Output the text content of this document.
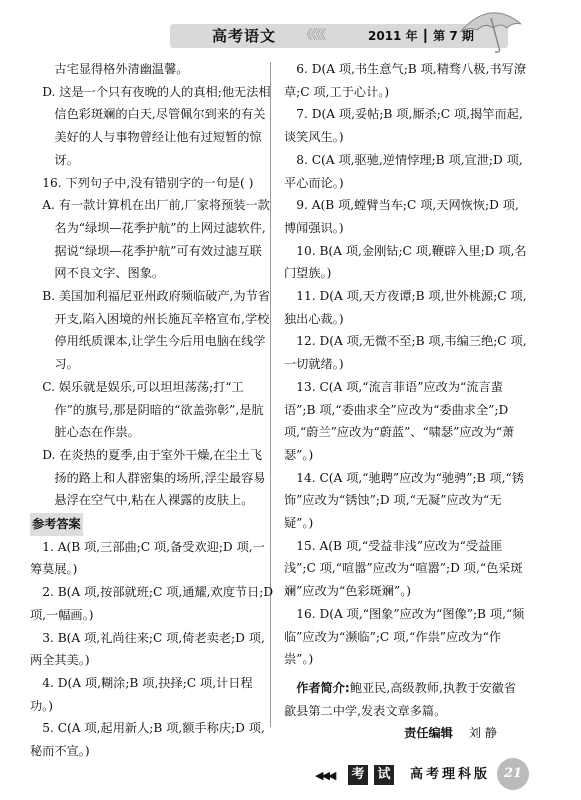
高考语文 《《《《	2011 年 ┃ 第 7 期

古宅显得格外清幽温馨。

D. 这是一个只有夜晚的人的真相;他无法相信色彩斑斓的白天,尽管佩尔到来的有关美好的人与事物曾经让他有过短暂的惊讶。

16. 下列句子中,没有错别字的一句是( )

A. 有一款计算机在出厂前,厂家将预装一款名为“绿坝—花季护航”的上网过滤软件,据说“绿坝—花季护航”可有效过滤互联网不良文字、图象。

B. 美国加利福尼亚州政府频临破产,为节省开支,陷入困境的州长施瓦辛格宣布,学校停用纸质课本,让学生今后用电脑在线学习。

C. 娱乐就是娱乐,可以坦坦荡荡;打“工作”的旗号,那是阴暗的“欲盖弥彰”,是肮脏心态在作祟。

D. 在炎热的夏季,由于室外干燥,在尘土飞扬的路上和人群密集的场所,浮尘最容易悬浮在空气中,粘在人裸露的皮肤上。

参考答案

1. A(B 项,三部曲;C 项,备受欢迎;D 项,一筹莫展。)

2. B(A 项,按部就班;C 项,通耀,欢度节日;D 项,一幅画。)

3. B(A 项,礼尚往来;C 项,倚老卖老;D 项,两全其美。)

4. D(A 项,糊涂;B 项,抉择;C 项,计日程功。)

5. C(A 项,起用新人;B 项,额手称庆;D 项,秘而不宣。)

6. D(A 项,书生意气;B 项,精骛八极,书写潦草;C 项,工于心计。)

7. D(A 项,妥帖;B 项,厮杀;C 项,揭竿而起,谈笑风生。)

8. C(A 项,驱驰,逆情悖理;B 项,宣泄;D 项,平心而论。)

9. A(B 项,螳臂当车;C 项,天网恢恢;D 项,博闻强识。)

10. B(A 项,金刚钻;C 项,鞭辟入里;D 项,名门望族。)

11. D(A 项,天方夜谭;B 项,世外桃源;C 项,独出心裁。)

12. D(A 项,无微不至;B 项,韦编三绝;C 项,一切就绪。)

13. C(A 项,“流言菲语”应改为“流言蜚语”;B 项,“委曲求全”应改为“委曲求全”;D 项,“蔚兰”应改为“蔚蓝”、“啸瑟”应改为“萧瑟”。)

14. C(A 项,“驰聘”应改为“驰骋”;B 项,“锈饰”应改为“锈蚀”;D 项,“无凝”应改为“无疑”。)

15. A(B 项,“受益非浅”应改为“受益匪浅”;C 项,“喧嚣”应改为“喧嚣”;D 项,“色采斑斓”应改为“色彩斑斓”。)

16. D(A 项,“图象”应改为“图像”;B 项,“频临”应改为“濒临”;C 项,“作祟”应改为“作祟”。)

作者简介:鲍亚民,高级教师,执教于安徽省歙县第二中学,发表文章多篇。

责任编辑 刘 静

◀◀◀ 考 试 高考理科版	21
